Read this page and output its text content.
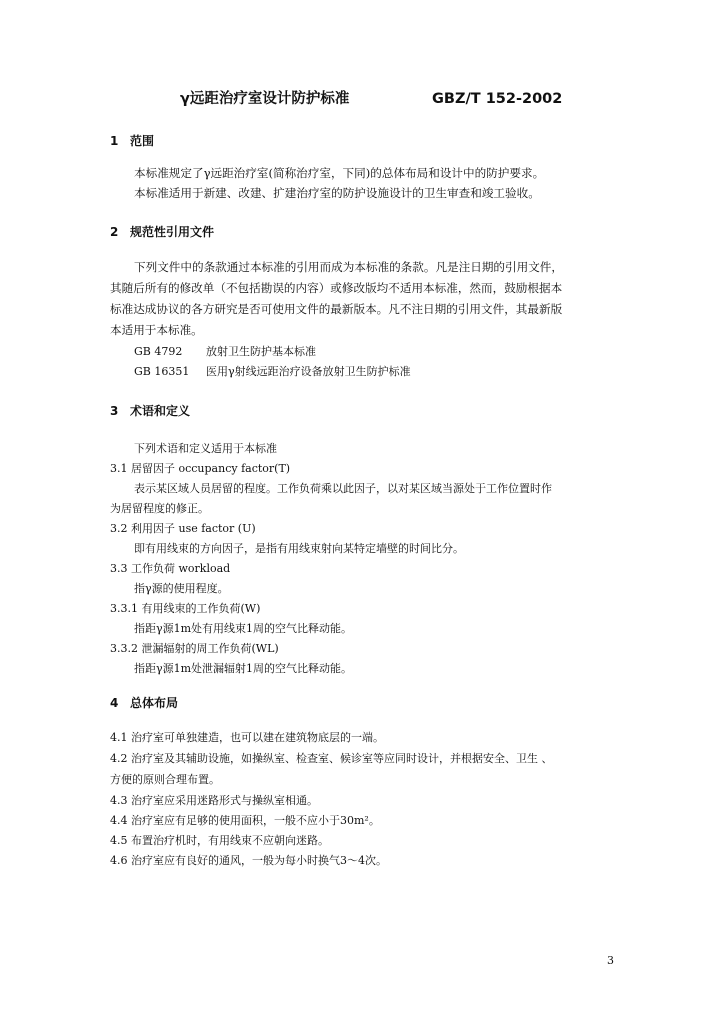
γ远距治疗室设计防护标准	GBZ/T 152-2002
1 范围
本标准规定了γ远距治疗室(简称治疗室，下同)的总体布局和设计中的防护要求。
本标准适用于新建、改建、扩建治疗室的防护设施设计的卫生审查和竣工验收。
2 规范性引用文件
下列文件中的条款通过本标准的引用而成为本标准的条款。凡是注日期的引用文件，
其随后所有的修改单（不包括勘误的内容）或修改版均不适用本标准，然而，鼓励根据本
标准达成协议的各方研究是否可使用文件的最新版本。凡不注日期的引用文件，其最新版
本适用于本标准。
GB 4792 放射卫生防护基本标准
GB 16351 医用γ射线远距治疗设备放射卫生防护标准
3 术语和定义
下列术语和定义适用于本标准
3.1 居留因子 occupancy factor(T)
表示某区域人员居留的程度。工作负荷乘以此因子，以对某区域当源处于工作位置时作
为居留程度的修正。
3.2 利用因子 use factor (U)
即有用线束的方向因子，是指有用线束射向某特定墙壁的时间比分。
3.3 工作负荷 workload
指γ源的使用程度。
3.3.1 有用线束的工作负荷(W)
指距γ源1m处有用线束1周的空气比释动能。
3.3.2 泄漏辐射的周工作负荷(WL)
指距γ源1m处泄漏辐射1周的空气比释动能。
4 总体布局
4.1 治疗室可单独建造，也可以建在建筑物底层的一端。
4.2 治疗室及其辅助设施，如操纵室、检查室、候诊室等应同时设计，并根据安全、卫生 、
方便的原则合理布置。
4.3 治疗室应采用迷路形式与操纵室相通。
4.4 治疗室应有足够的使用面积，一般不应小于30m²。
4.5 布置治疗机时，有用线束不应朝向迷路。
4.6 治疗室应有良好的通风，一般为每小时换气3～4次。
3
